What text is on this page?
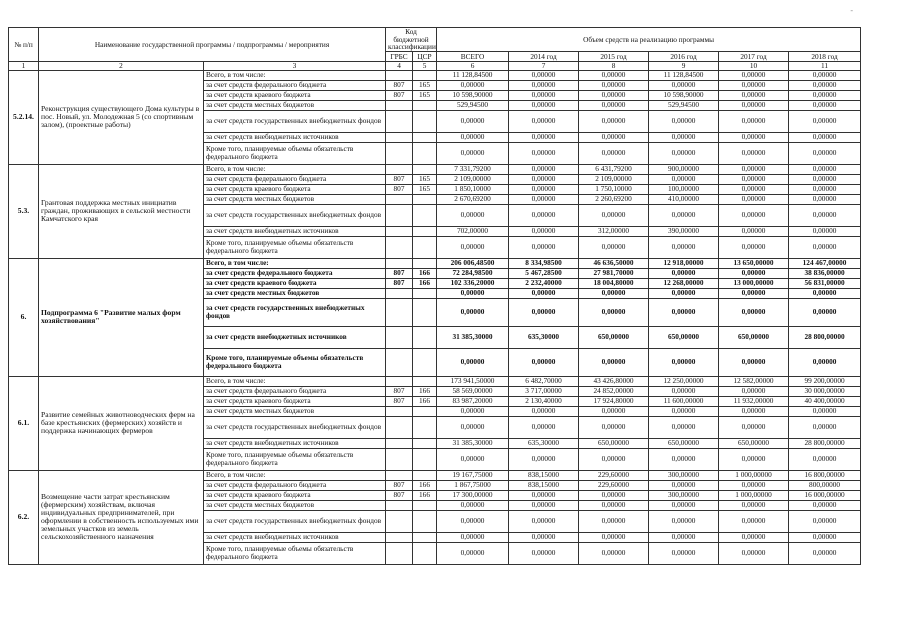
-
№ п/п	Наименование государственной программы / подпрограммы / мероприятия		Код бюджетной классификации		Объем средств на реализацию программы					

			ГРБС	ЦСР	ВСЕГО	2014 год	2015 год	2016 год	2017 год	2018 год
1	2	3	4	5	6	7	8	9	10	11
5.2.14.	Реконструкция существующего Дома культуры в пос. Новый, ул. Молодежная 5 (со спортивным залом), (проектные работы)	Всего, в том числе:			11 128,84500	0,00000	0,00000	11 128,84500	0,00000	0,00000
		за счет средств федерального бюджета	807	165	0,00000	0,00000	0,00000	0,00000	0,00000	0,00000
		за счет средств краевого бюджета	807	165	10 598,90000	0,00000	0,00000	10 598,90000	0,00000	0,00000
		за счет средств местных бюджетов			529,94500	0,00000	0,00000	529,94500	0,00000	0,00000
		за счет средств государственных внебюджетных фондов			0,00000	0,00000	0,00000	0,00000	0,00000	0,00000
		за счет средств внебюджетных источников			0,00000	0,00000	0,00000	0,00000	0,00000	0,00000
		Кроме того, планируемые объемы обязательств федерального бюджета			0,00000	0,00000	0,00000	0,00000	0,00000	0,00000
5.3.	Грантовая поддержка местных инициатив граждан, проживающих в сельской местности Камчатского края	Всего, в том числе:			7 331,79200	0,00000	6 431,79200	900,00000	0,00000	0,00000
		за счет средств федерального бюджета	807	165	2 109,00000	0,00000	2 109,00000	0,00000	0,00000	0,00000
		за счет средств краевого бюджета	807	165	1 850,10000	0,00000	1 750,10000	100,00000	0,00000	0,00000
		за счет средств местных бюджетов			2 670,69200	0,00000	2 260,69200	410,00000	0,00000	0,00000
		за счет средств государственных внебюджетных фондов			0,00000	0,00000	0,00000	0,00000	0,00000	0,00000
		за счет средств внебюджетных источников			702,00000	0,00000	312,00000	390,00000	0,00000	0,00000
		Кроме того, планируемые объемы обязательств федерального бюджета			0,00000	0,00000	0,00000	0,00000	0,00000	0,00000
6.	Подпрограмма 6 "Развитие малых форм хозяйствования"	Всего, в том числе:			206 006,48500	8 334,98500	46 636,50000	12 918,00000	13 650,00000	124 467,00000
		за счет средств федерального бюджета	807	166	72 284,98500	5 467,28500	27 981,70000	0,00000	0,00000	38 836,00000
		за счет средств краевого бюджета	807	166	102 336,20000	2 232,40000	18 004,80000	12 268,00000	13 000,00000	56 831,00000
		за счет средств местных бюджетов			0,00000	0,00000	0,00000	0,00000	0,00000	0,00000
		за счет средств государственных внебюджетных фондов			0,00000	0,00000	0,00000	0,00000	0,00000	0,00000
		за счет средств внебюджетных источников			31 385,30000	635,30000	650,00000	650,00000	650,00000	28 800,00000
		Кроме того, планируемые объемы обязательств федерального бюджета			0,00000	0,00000	0,00000	0,00000	0,00000	0,00000
6.1.	Развитие семейных животноводческих ферм на базе крестьянских (фермерских) хозяйств и поддержка начинающих фермеров	Всего, в том числе:			173 941,50000	6 482,70000	43 426,80000	12 250,00000	12 582,00000	99 200,00000
		за счет средств федерального бюджета	807	166	58 569,00000	3 717,00000	24 852,00000	0,00000	0,00000	30 000,00000
		за счет средств краевого бюджета	807	166	83 987,20000	2 130,40000	17 924,80000	11 600,00000	11 932,00000	40 400,00000
		за счет средств местных бюджетов			0,00000	0,00000	0,00000	0,00000	0,00000	0,00000
		за счет средств государственных внебюджетных фондов			0,00000	0,00000	0,00000	0,00000	0,00000	0,00000
		за счет средств внебюджетных источников			31 385,30000	635,30000	650,00000	650,00000	650,00000	28 800,00000
		Кроме того, планируемые объемы обязательств федерального бюджета			0,00000	0,00000	0,00000	0,00000	0,00000	0,00000
6.2.	Возмещение части затрат крестьянским (фермерским) хозяйствам, включая индивидуальных предпринимателей, при оформлении в собственность используемых ими земельных участков из земель сельскохозяйственного назначения	Всего, в том числе:			19 167,75000	838,15000	229,60000	300,00000	1 000,00000	16 800,00000
		за счет средств федерального бюджета	807	166	1 867,75000	838,15000	229,60000	0,00000	0,00000	800,00000
		за счет средств краевого бюджета	807	166	17 300,00000	0,00000	0,00000	300,00000	1 000,00000	16 000,00000
		за счет средств местных бюджетов			0,00000	0,00000	0,00000	0,00000	0,00000	0,00000
		за счет средств государственных внебюджетных фондов			0,00000	0,00000	0,00000	0,00000	0,00000	0,00000
		за счет средств внебюджетных источников			0,00000	0,00000	0,00000	0,00000	0,00000	0,00000
		Кроме того, планируемые объемы обязательств федерального бюджета			0,00000	0,00000	0,00000	0,00000	0,00000	0,00000
